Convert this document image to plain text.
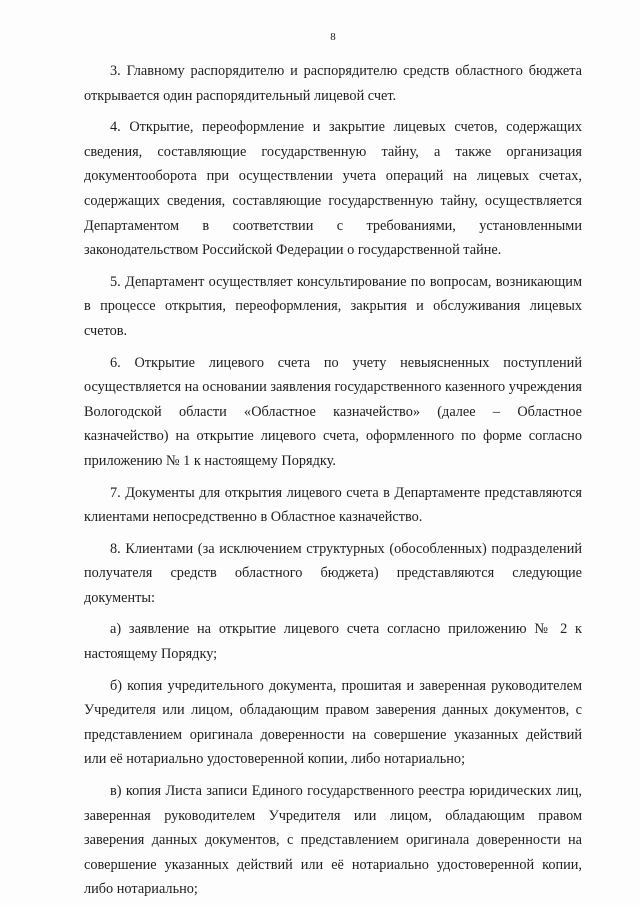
8

3. Главному распорядителю и распорядителю средств областного бюджета открывается один распорядительный лицевой счет.

4. Открытие, переоформление и закрытие лицевых счетов, содержащих сведения, составляющие государственную тайну, а также организация документооборота при осуществлении учета операций на лицевых счетах, содержащих сведения, составляющие государственную тайну, осуществляется Департаментом в соответствии с требованиями, установленными законодательством Российской Федерации о государственной тайне.

5. Департамент осуществляет консультирование по вопросам, возникающим в процессе открытия, переоформления, закрытия и обслуживания лицевых счетов.

6. Открытие лицевого счета по учету невыясненных поступлений осуществляется на основании заявления государственного казенного учреждения Вологодской области «Областное казначейство» (далее – Областное казначейство) на открытие лицевого счета, оформленного по форме согласно приложению № 1 к настоящему Порядку.

7. Документы для открытия лицевого счета в Департаменте представляются клиентами непосредственно в Областное казначейство.

8. Клиентами (за исключением структурных (обособленных) подразделений получателя средств областного бюджета) представляются следующие документы:

а) заявление на открытие лицевого счета согласно приложению № 2 к настоящему Порядку;

б) копия учредительного документа, прошитая и заверенная руководителем Учредителя или лицом, обладающим правом заверения данных документов, с представлением оригинала доверенности на совершение указанных действий или её нотариально удостоверенной копии, либо нотариально;

в) копия Листа записи Единого государственного реестра юридических лиц, заверенная руководителем Учредителя или лицом, обладающим правом заверения данных документов, с представлением оригинала доверенности на совершение указанных действий или её нотариально удостоверенной копии, либо нотариально;
